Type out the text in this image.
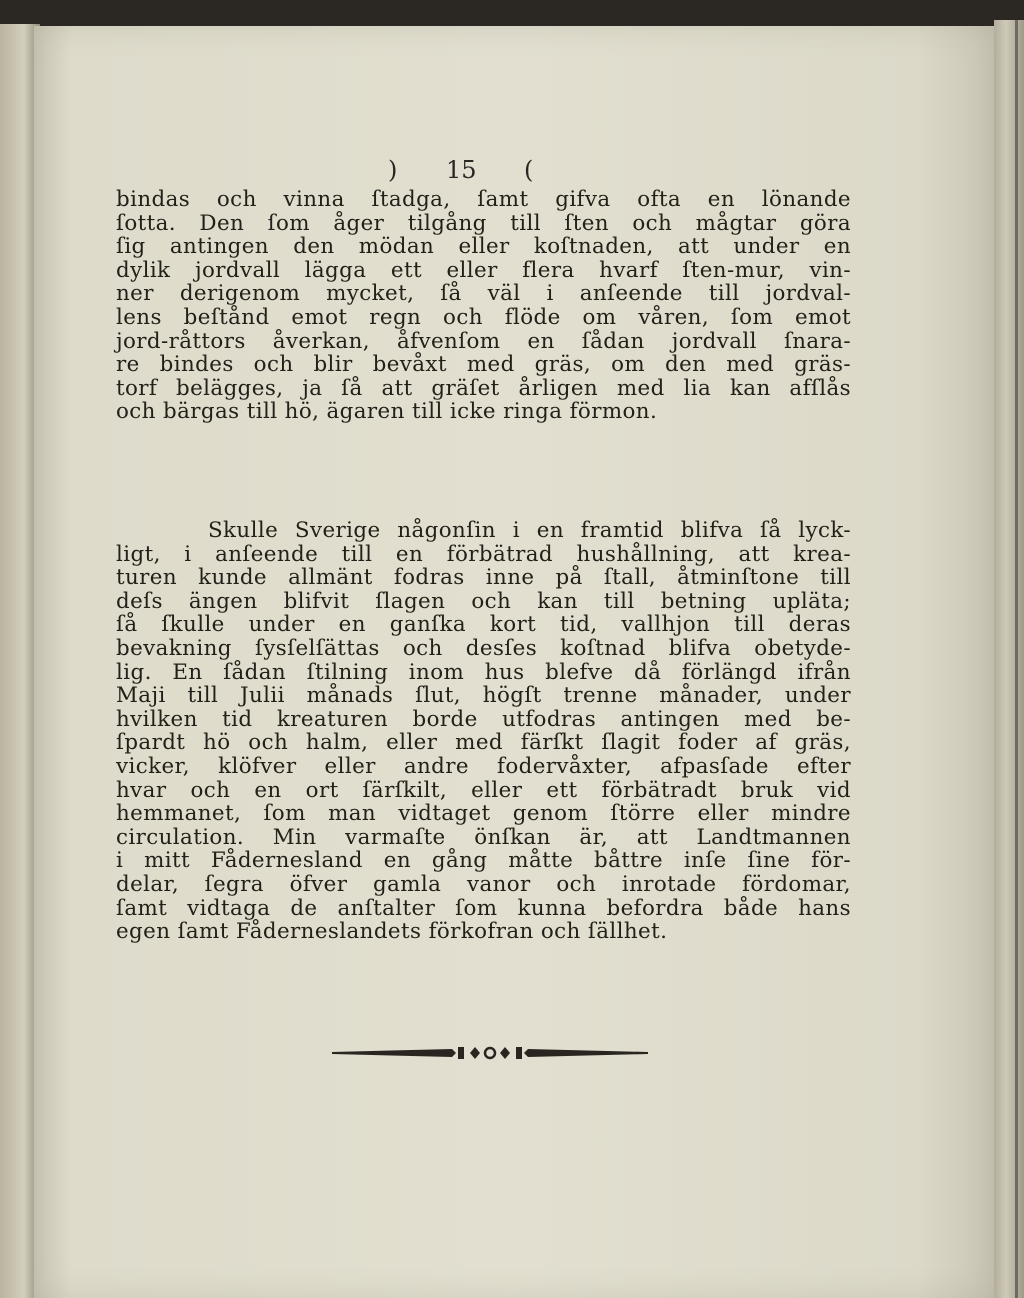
) 15 (
bindas och vinna ſtadga, ſamt gifva ofta en lönande
ſotta. Den ſom åger tilgång till ſten och mågtar göra
ſig antingen den mödan eller koſtnaden, att under en
dylik jordvall lägga ett eller flera hvarf ſten-mur, vin-
ner derigenom mycket, ſå väl i anſeende till jordval-
lens beſtånd emot regn och flöde om våren, ſom emot
jord-råttors åverkan, åfvenſom en ſådan jordvall ſnara-
re bindes och blir bevåxt med gräs, om den med gräs-
torf belägges, ja ſå att gräſet årligen med lia kan afſlås
och bärgas till hö, ägaren till icke ringa förmon.
Skulle Sverige någonſin i en framtid blifva ſå lyck-
ligt, i anſeende till en förbätrad hushållning, att krea-
turen kunde allmänt fodras inne på ſtall, åtminſtone till
deſs ängen blifvit ſlagen och kan till betning upläta;
ſå ſkulle under en ganſka kort tid, vallhjon till deras
bevakning ſysſelſättas och desſes koſtnad blifva obetyde-
lig. En ſådan ſtilning inom hus blefve då förlängd ifrån
Maji till Julii månads ſlut, högſt trenne månader, under
hvilken tid kreaturen borde utfodras antingen med be-
ſpardt hö och halm, eller med färſkt ſlagit foder af gräs,
vicker, klöfver eller andre fodervåxter, afpasſade efter
hvar och en ort ſärſkilt, eller ett förbätradt bruk vid
hemmanet, ſom man vidtaget genom ſtörre eller mindre
circulation. Min varmaſte önſkan är, att Landtmannen
i mitt Fådernesland en gång måtte båttre inſe ſine för-
delar, ſegra öfver gamla vanor och inrotade fördomar,
ſamt vidtaga de anſtalter ſom kunna befordra både hans
egen ſamt Fåderneslandets förkofran och ſällhet.
